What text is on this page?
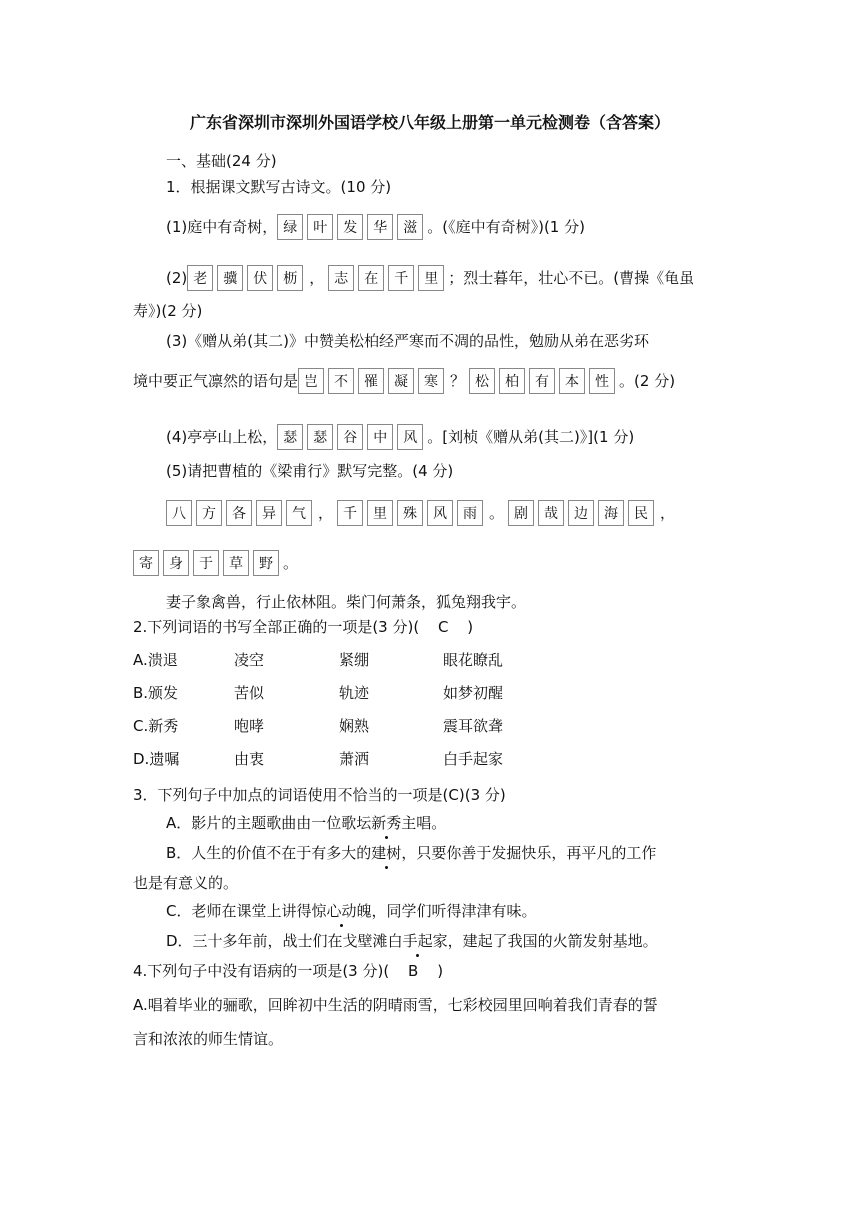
广东省深圳市深圳外国语学校八年级上册第一单元检测卷（含答案）
一、基础(24 分)
1．根据课文默写古诗文。(10 分)
(1)庭中有奇树， 绿	叶	发	华	滋 。(《庭中有奇树》)(1 分)
(2) 老	骥	伏	枥 ， 志	在	千	里 ；烈士暮年，壮心不已。(曹操《龟虽
寿》)(2 分)
(3)《赠从弟(其二)》中赞美松柏经严寒而不凋的品性，勉励从弟在恶劣环
境中要正气凛然的语句是 岂	不	罹	凝	寒 ？ 松	柏	有	本	性 。(2 分)
(4)亭亭山上松， 瑟	瑟	谷	中	风 。[刘桢《赠从弟(其二)》](1 分)
(5)请把曹植的《梁甫行》默写完整。(4 分)
八	方	各	异	气 ， 千	里	殊	风	雨 。 剧	哉	边	海	民 ，
寄	身	于	草	野 。
妻子象禽兽，行止依林阻。柴门何萧条，狐兔翔我宇。
2.下列词语的书写全部正确的一项是(3 分)( C )
A.溃退	凌空	紧绷	眼花瞭乱
B.颁发	苦似	轨迹	如梦初醒
C.新秀	咆哮	娴熟	震耳欲聋
D.遗嘱	由衷	萧洒	白手起家
3．下列句子中加点的词语使用不恰当的一项是(C)(3 分)
A．影片的主题歌曲由一位歌坛新秀主唱。
B．人生的价值不在于有多大的建树，只要你善于发掘快乐，再平凡的工作
也是有意义的。
C．老师在课堂上讲得惊心动魄，同学们听得津津有味。
D．三十多年前，战士们在戈壁滩白手起家，建起了我国的火箭发射基地。
4.下列句子中没有语病的一项是(3 分)( B )
A.唱着毕业的骊歌，回眸初中生活的阴晴雨雪，七彩校园里回响着我们青春的誓
言和浓浓的师生情谊。
